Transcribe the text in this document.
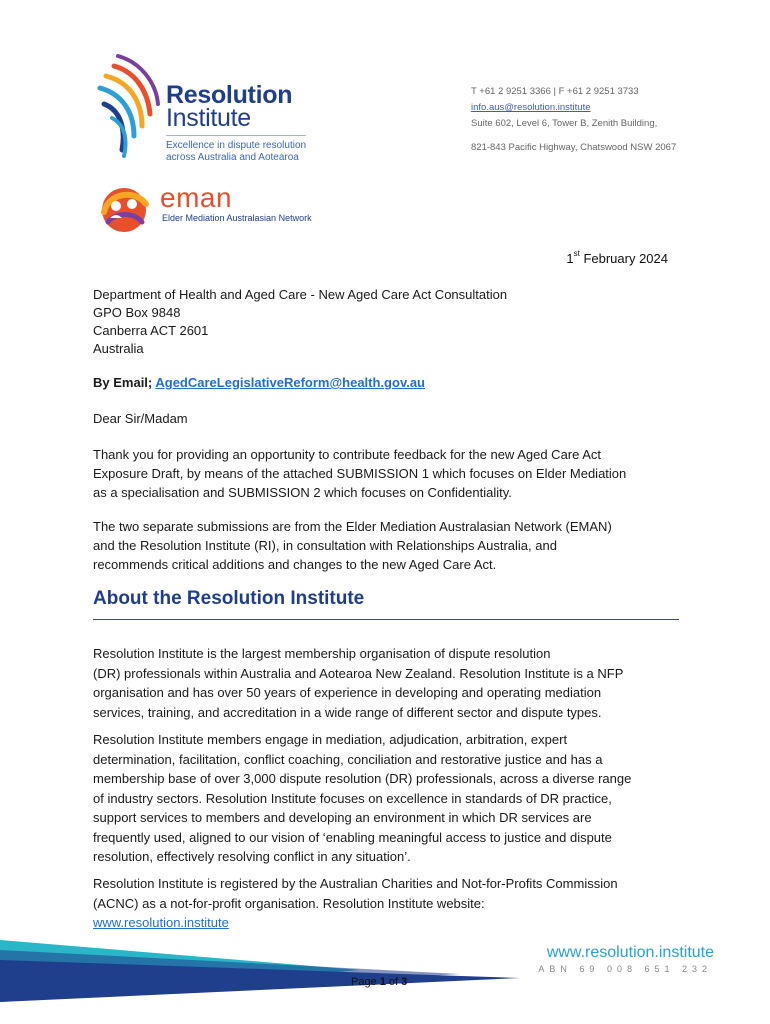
Resolution
Institute
Excellence in dispute resolution
across Australia and Aotearoa
eman
Elder Mediation Australasian Network
T +61 2 9251 3366 | F +61 2 9251 3733
info.aus@resolution.institute
Suite 602, Level 6, Tower B, Zenith Building,
821-843 Pacific Highway, Chatswood NSW 2067
1st February 2024
Department of Health and Aged Care - New Aged Care Act Consultation
GPO Box 9848
Canberra ACT 2601
Australia
By Email; AgedCareLegislativeReform@health.gov.au
Dear Sir/Madam
Thank you for providing an opportunity to contribute feedback for the new Aged Care Act
Exposure Draft, by means of the attached SUBMISSION 1 which focuses on Elder Mediation
as a specialisation and SUBMISSION 2 which focuses on Confidentiality.
The two separate submissions are from the Elder Mediation Australasian Network (EMAN)
and the Resolution Institute (RI), in consultation with Relationships Australia, and
recommends critical additions and changes to the new Aged Care Act.
About the Resolution Institute
Resolution Institute is the largest membership organisation of dispute resolution
(DR) professionals within Australia and Aotearoa New Zealand. Resolution Institute is a NFP
organisation and has over 50 years of experience in developing and operating mediation
services, training, and accreditation in a wide range of different sector and dispute types.
Resolution Institute members engage in mediation, adjudication, arbitration, expert
determination, facilitation, conflict coaching, conciliation and restorative justice and has a
membership base of over 3,000 dispute resolution (DR) professionals, across a diverse range
of industry sectors. Resolution Institute focuses on excellence in standards of DR practice,
support services to members and developing an environment in which DR services are
frequently used, aligned to our vision of ‘enabling meaningful access to justice and dispute
resolution, effectively resolving conflict in any situation’.
Resolution Institute is registered by the Australian Charities and Not-for-Profits Commission
(ACNC) as a not-for-profit organisation. Resolution Institute website:
www.resolution.institute
www.resolution.institute
ABN 69 008 651 232
Page 1 of 3
